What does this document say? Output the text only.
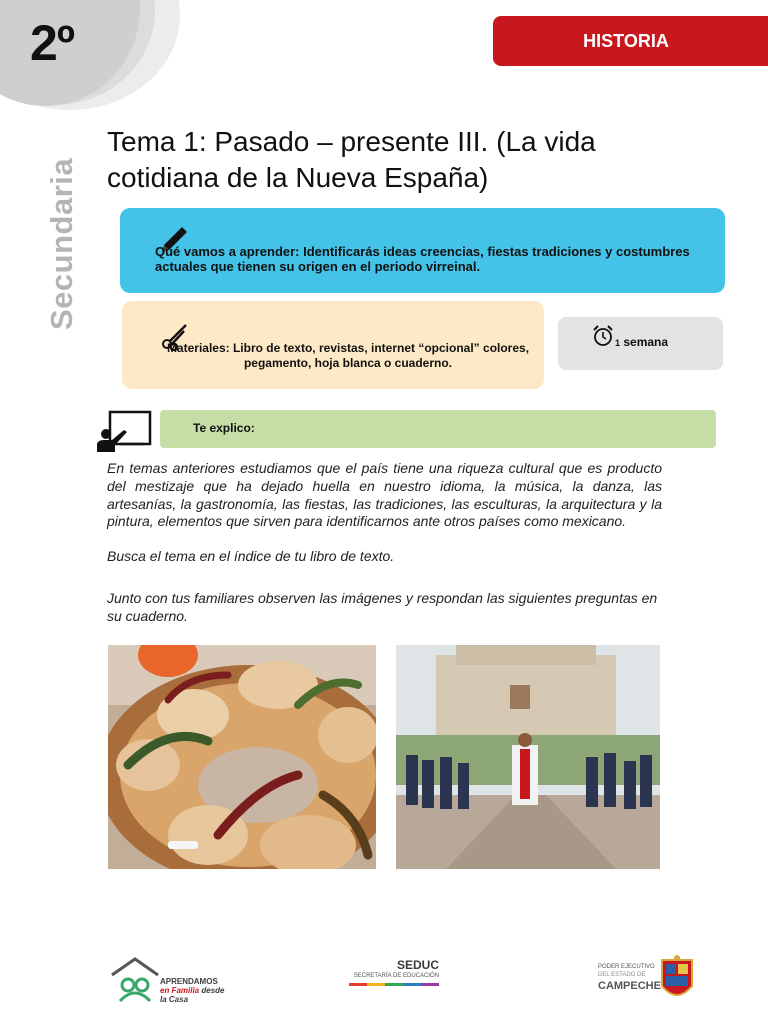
2º	HISTORIA
Secundaria
Tema 1: Pasado – presente III. (La vida cotidiana de la Nueva España)
Qué vamos a aprender: Identificarás ideas creencias, fiestas tradiciones y costumbres actuales que tienen su origen en el periodo virreinal.
Materiales: Libro de texto, revistas, internet “opcional” colores, pegamento, hoja blanca o cuaderno.
1 semana
Te explico:
En temas anteriores estudiamos que el país tiene una riqueza cultural que es producto del mestizaje que ha dejado huella en nuestro idioma, la música, la danza, las artesanías, la gastronomía, las fiestas, las tradiciones, las esculturas, la arquitectura y la pintura, elementos que sirven para identificarnos ante otros países como mexicano.
Busca el tema en el índice de tu libro de texto.
Junto con tus familiares observen las imágenes y respondan las siguientes preguntas en su cuaderno.
APRENDAMOS
en Familia desde
la Casa
SEDUC
SECRETARÍA DE EDUCACIÓN
PODER EJECUTIVO
DEL ESTADO DE
CAMPECHE
